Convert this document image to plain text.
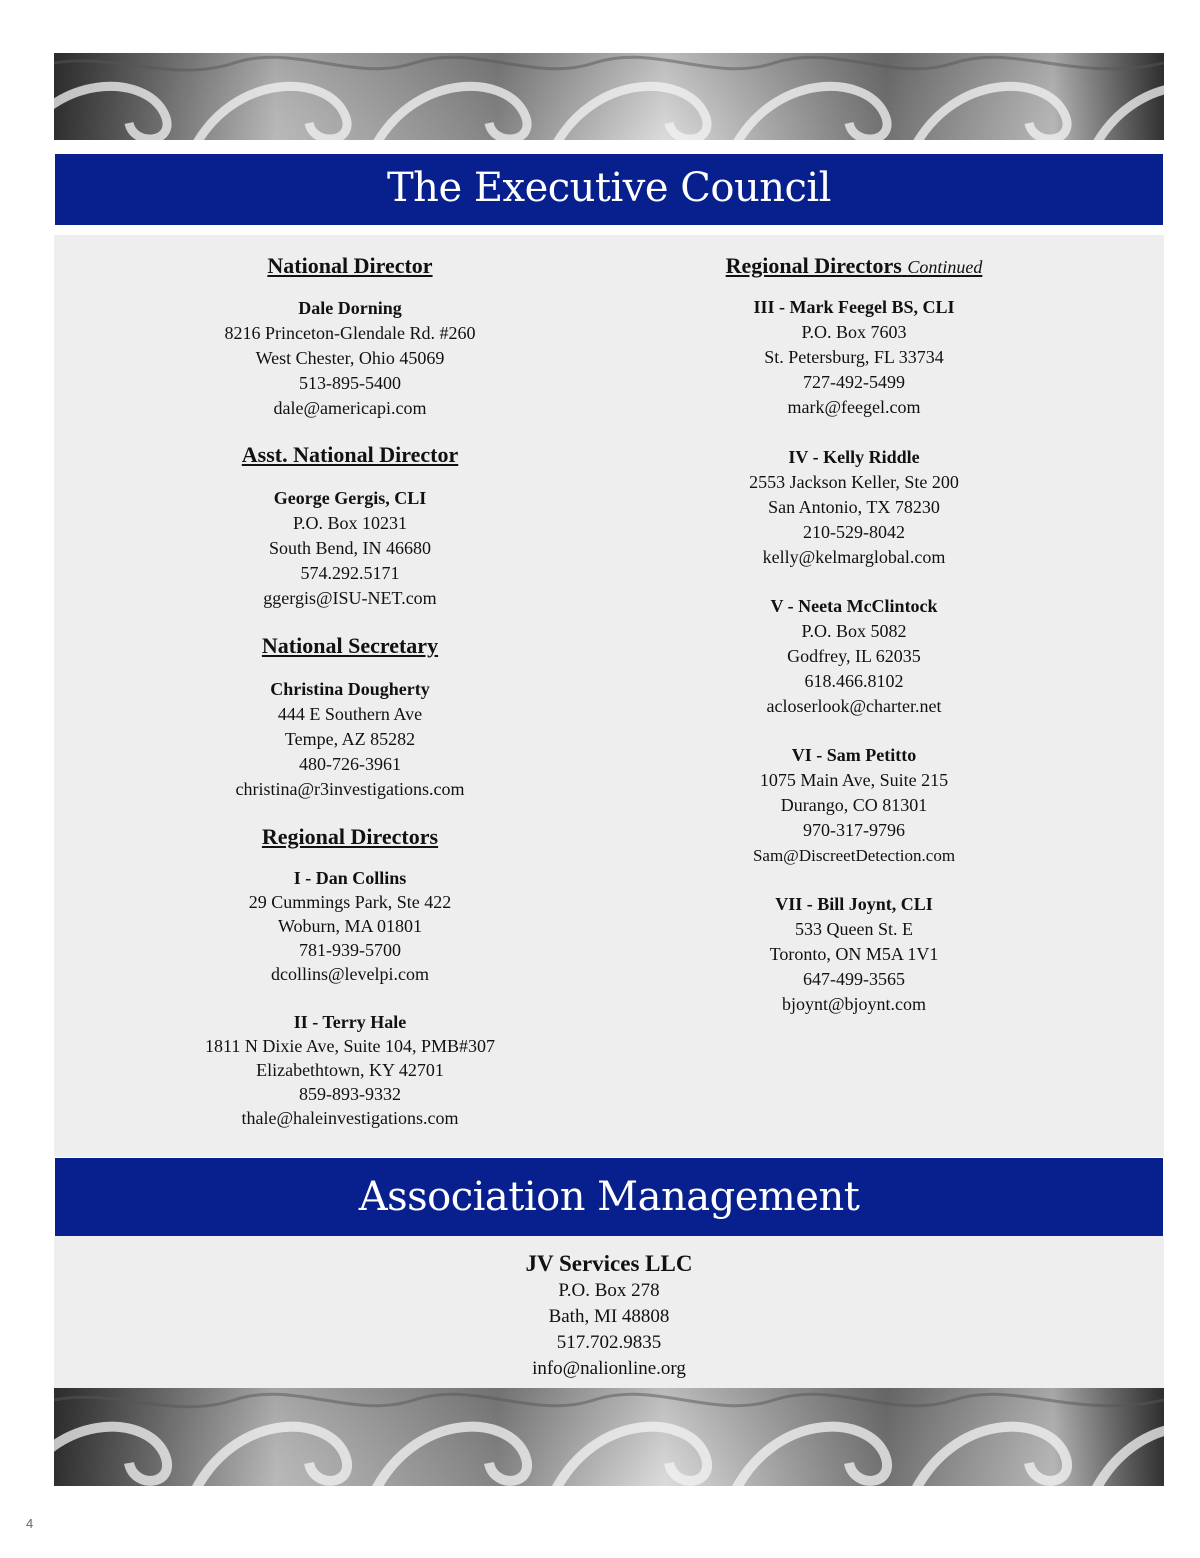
The Executive Council
National Director
Dale Dorning
8216 Princeton-Glendale Rd. #260
West Chester, Ohio 45069
513-895-5400
dale@americapi.com
Asst. National Director
George Gergis, CLI
P.O. Box 10231
South Bend, IN 46680
574.292.5171
ggergis@ISU-NET.com
National Secretary
Christina Dougherty
444 E Southern Ave
Tempe, AZ 85282
480-726-3961
christina@r3investigations.com
Regional Directors
I - Dan Collins
29 Cummings Park, Ste 422
Woburn, MA 01801
781-939-5700
dcollins@levelpi.com
II - Terry Hale
1811 N Dixie Ave, Suite 104, PMB#307
Elizabethtown, KY 42701
859-893-9332
thale@haleinvestigations.com
Regional Directors Continued
III - Mark Feegel BS, CLI
P.O. Box 7603
St. Petersburg, FL 33734
727-492-5499
mark@feegel.com
IV - Kelly Riddle
2553 Jackson Keller, Ste 200
San Antonio, TX 78230
210-529-8042
kelly@kelmarglobal.com
V - Neeta McClintock
P.O. Box 5082
Godfrey, IL 62035
618.466.8102
acloserlook@charter.net
VI - Sam Petitto
1075 Main Ave, Suite 215
Durango, CO 81301
970-317-9796
Sam@DiscreetDetection.com
VII - Bill Joynt, CLI
533 Queen St. E
Toronto, ON M5A 1V1
647-499-3565
bjoynt@bjoynt.com
Association Management
JV Services LLC
P.O. Box 278
Bath, MI 48808
517.702.9835
info@nalionline.org
4
